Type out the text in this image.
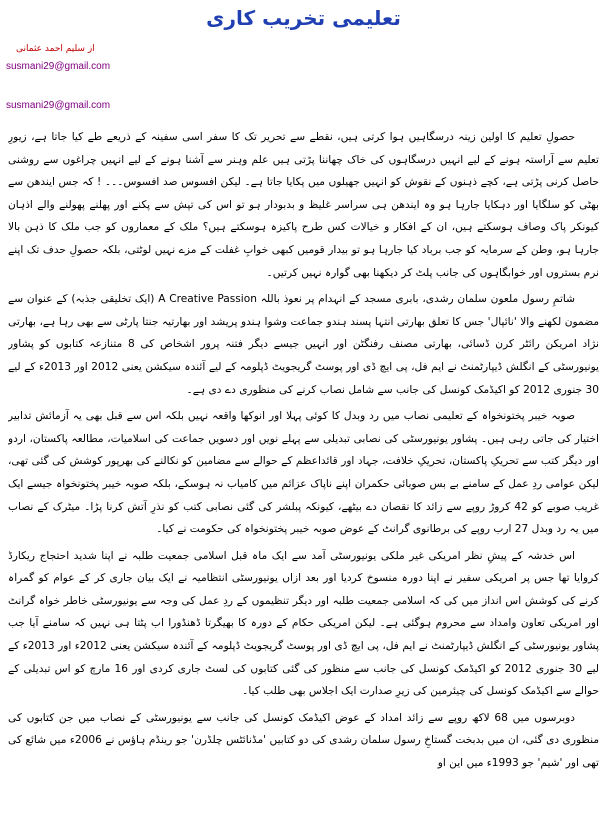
تعلیمی تخریب کاری
از سلیم احمد عثمانی
susmani29@gmail.com
susmani29@gmail.com

حصولِ تعلیم کا اولین زینہ درسگاہیں ہوا کرتی ہیں، نقطے سے تحریر تک کا سفر اسی سفینہ کے ذریعے طے کیا جاتا ہے، زیورِ تعلیم سے آراستہ ہونے کے لیے انہیں درسگاہوں کی خاک چھاننا پڑتی ہیں علم وہنر سے آشنا ہونے کے لیے انہیں چراغوں سے روشنی حاصل کرنی پڑتی ہے، کچے ذہنوں کے نقوش کو انہیں جھیلوں میں پکایا جاتا ہے۔ لیکن افسوس صد افسوس۔۔۔ ! کہ جس ایندھن سے بھٹی کو سلگایا اور دہکایا جارہا ہو وہ ایندھن ہی سراسر غلیظ و بدبودار ہو تو اس کی تپش سے پکنے اور پھلنے پھولنے والے اذہان کیونکر پاک وصاف ہوسکتے ہیں، ان کے افکار و خیالات کس طرح پاکیزہ ہوسکتے ہیں؟ ملک کے معماروں کو جب ملک کا ذہن بالا جارہا ہو، وطن کے سرمایہ کو جب برباد کیا جارہا ہو تو بیدار قومیں کبھی خوابِ غفلت کے مزے نہیں لوٹتی، بلکہ حصولِ حدف تک اپنے نرم بستروں اور خوابگاہوں کی جانب پلٹ کر دیکھنا بھی گوارہ نہیں کرتیں۔

شاتمِ رسول ملعون سلمان رشدی، بابری مسجد کے انہدام پر نعوذ باللہ A Creative Passion (ایک تخلیقی جذبہ) کے عنوان سے مضمون لکھنے والا 'نائپال' جس کا تعلق بھارتی انتہا پسند ہندو جماعت وشوا ہندو پریشد اور بھارتیہ جنتا پارٹی سے بھی رہا ہے، بھارتی نژاد امریکن رائٹر کرن ڈسائی، بھارتی مصنف رفنگٹن اور انہیں جیسے دیگر فتنہ پرور اشخاص کی 8 متنازعہ کتابوں کو پشاور یونیورسٹی کے انگلش ڈیپارٹمنٹ نے ایم فل، پی ایچ ڈی اور پوسٹ گریجویٹ ڈپلومہ کے لیے آئندہ سیکشن یعنی 2012 اور 2013ء کے لیے 30 جنوری 2012 کو اکیڈمک کونسل کی جانب سے شامل نصاب کرنے کی منظوری دے دی ہے۔

صوبہ خیبر پختونخواہ کے تعلیمی نصاب میں رد وبدل کا کوئی پہلا اور انوکھا واقعہ نہیں بلکہ اس سے قبل بھی یہ آزمائش تدابیر اختیار کی جاتی رہی ہیں۔ پشاور یونیورسٹی کی نصابی تبدیلی سے پہلے نویں اور دسویں جماعت کی اسلامیات، مطالعہ پاکستان، اردو اور دیگر کتب سے تحریکِ پاکستان، تحریکِ خلافت، جہاد اور قائداعظم کے حوالے سے مضامین کو نکالنے کی بھرپور کوشش کی گئی تھی، لیکن عوامی ردِ عمل کے سامنے بے بس صوبائی حکمران اپنے ناپاک عزائم میں کامیاب نہ ہوسکے، بلکہ صوبہ خیبر پختونخواہ جیسے ایک غریب صوبے کو 42 کروڑ روپے سے زائد کا نقصان دے بیٹھے، کیونکہ پبلشر کی گئی نصابی کتب کو نذرِ آتش کرنا پڑا۔ میٹرک کے نصاب میں یہ رد وبدل 27 ارب روپے کی برطانوی گرانٹ کے عوض صوبہ خیبر پختونخواہ کی حکومت نے کیا۔

اس خدشہ کے پیشِ نظر امریکی غیر ملکی یونیورسٹی آمد سے ایک ماہ قبل اسلامی جمعیت طلبہ نے اپنا شدید احتجاج ریکارڈ کروایا تھا جس پر امریکی سفیر نے اپنا دورہ منسوخ کردیا اور بعد ازاں یونیورسٹی انتظامیہ نے ایک بیان جاری کر کے عوام کو گمراہ کرنے کی کوشش اس انداز میں کی کہ اسلامی جمعیت طلبہ اور دیگر تنظیموں کے ردِ عمل کی وجہ سے یونیورسٹی خاطر خواہ گرانٹ اور امریکی تعاون وامداد سے محروم ہوگئی ہے۔ لیکن امریکی حکام کے دورہ کا بھیگرتا ڈھنڈورا اب پٹتا ہی نہیں کہ سامنے آیا جب پشاور یونیورسٹی کے انگلش ڈیپارٹمنٹ نے ایم فل، پی ایچ ڈی اور پوسٹ گریجویٹ ڈپلومہ کے آئندہ سیکشن یعنی 2012ء اور 2013ء کے لیے 30 جنوری 2012 کو اکیڈمک کونسل کی جانب سے منظور کی گئی کتابوں کی لسٹ جاری کردی اور 16 مارچ کو اس تبدیلی کے حوالے سے اکیڈمک کونسل کی چیئرمین کی زیرِ صدارت ایک اجلاس بھی طلب کیا۔

دوبرسوں میں 68 لاکھ روپے سے زائد امداد کے عوض اکیڈمک کونسل کی جانب سے یونیورسٹی کے نصاب میں جن کتابوں کی منظوری دی گئی، ان میں بدبخت گستاخِ رسول سلمان رشدی کی دو کتابیں 'مڈنائٹس چلڈرن' جو رینڈم ہاؤس نے 2006ء میں شائع کی تھی اور 'شیم' جو 1993ء میں این او
